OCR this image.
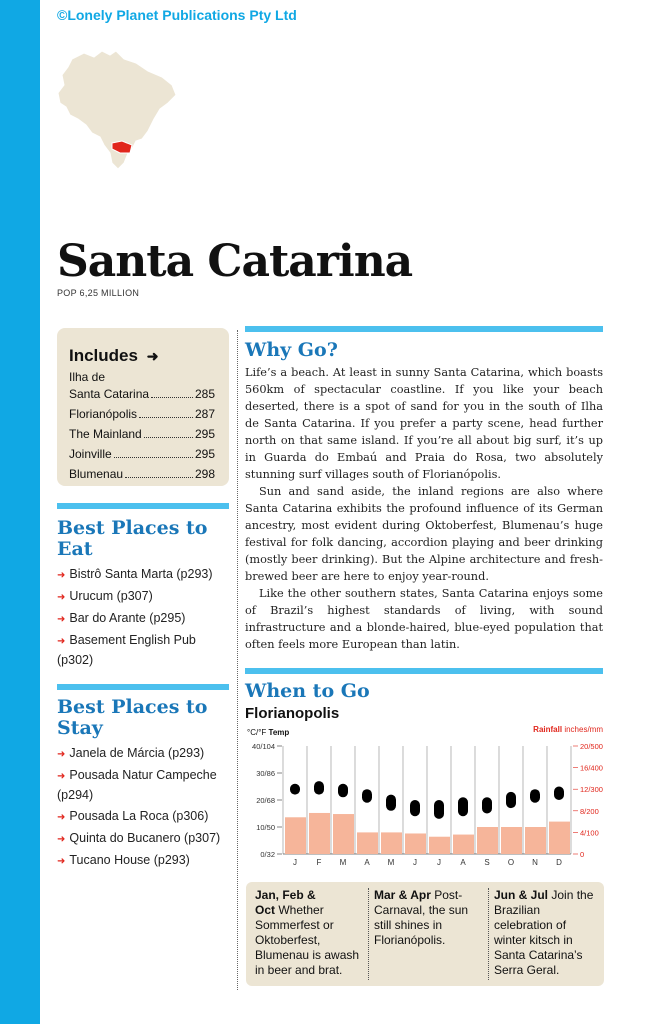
©Lonely Planet Publications Pty Ltd
Santa Catarina
POP 6,25 MILLION
Includes ➜
Ilha de
Santa Catarina	285
Florianópolis	287
The Mainland	295
Joinville	295
Blumenau	298
Best Places to Eat
➜ Bistrô Santa Marta (p293)
➜ Urucum (p307)
➜ Bar do Arante (p295)
➜ Basement English Pub (p302)
Best Places to Stay
➜ Janela de Márcia (p293)
➜ Pousada Natur Campeche (p294)
➜ Pousada La Roca (p306)
➜ Quinta do Bucanero (p307)
➜ Tucano House (p293)
Why Go?

Life’s a beach. At least in sunny Santa Catarina, which boasts 560km of spectacular coastline. If you like your beach deserted, there is a spot of sand for you in the south of Ilha de Santa Catarina. If you prefer a party scene, head further north on that same island. If you’re all about big surf, it’s up in Guarda do Embaú and Praia do Rosa, two absolutely stunning surf villages south of Florianópolis.

Sun and sand aside, the inland regions are also where Santa Catarina exhibits the profound influence of its German ancestry, most evident during Oktoberfest, Blumenau’s huge festival for folk dancing, accordion playing and beer drinking (mostly beer drinking). But the Alpine architecture and fresh-brewed beer are here to enjoy year-round.

Like the other southern states, Santa Catarina enjoys some of Brazil’s highest standards of living, with sound infrastructure and a blonde-haired, blue-eyed population that often feels more European than latin.

When to Go
Florianopolis
°C/°F Temp	Rainfall inches/mm
J F M A M J	J A S O N D
40/104
30/86
20/68
10/50
0/32
20/500
16/400
12/300
8/200
4/100
0
Jan, Feb &
Oct Whether Sommerfest or Oktoberfest, Blumenau is awash in beer and brat.
Mar & Apr Post-Carnaval, the sun still shines in Florianópolis.
Jun & Jul Join the Brazilian celebration of winter kitsch in Santa Catarina’s Serra Geral.
